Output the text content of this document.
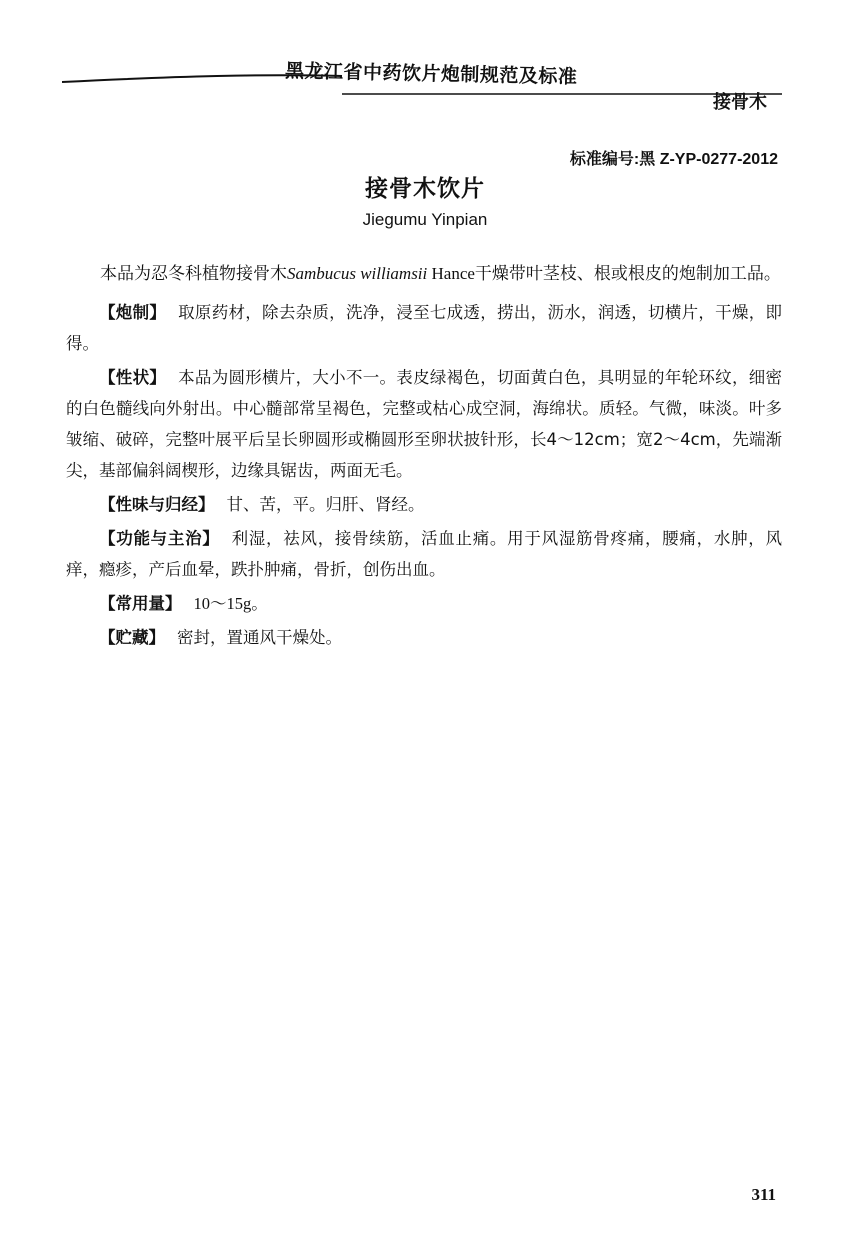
黑龙江省中药饮片炮制规范及标准
接骨木
标准编号:黑 Z-YP-0277-2012
接骨木饮片
Jiegumu Yinpian

本品为忍冬科植物接骨木Sambucus williamsii Hance干燥带叶茎枝、根或根皮的炮制加工品。

【炮制】 取原药材，除去杂质，洗净，浸至七成透，捞出，沥水，润透，切横片，干燥，即得。

【性状】 本品为圆形横片，大小不一。表皮绿褐色，切面黄白色，具明显的年轮环纹，细密的白色髓线向外射出。中心髓部常呈褐色，完整或枯心成空洞，海绵状。质轻。气微，味淡。叶多皱缩、破碎，完整叶展平后呈长卵圆形或椭圆形至卵状披针形，长4～12cm；宽2～4cm，先端渐尖，基部偏斜阔楔形，边缘具锯齿，两面无毛。

【性味与归经】 甘、苦，平。归肝、肾经。

【功能与主治】 利湿，祛风，接骨续筋，活血止痛。用于风湿筋骨疼痛，腰痛，水肿，风痒，瘾疹，产后血晕，跌扑肿痛，骨折，创伤出血。

【常用量】 10～15g。

【贮藏】 密封，置通风干燥处。

311
